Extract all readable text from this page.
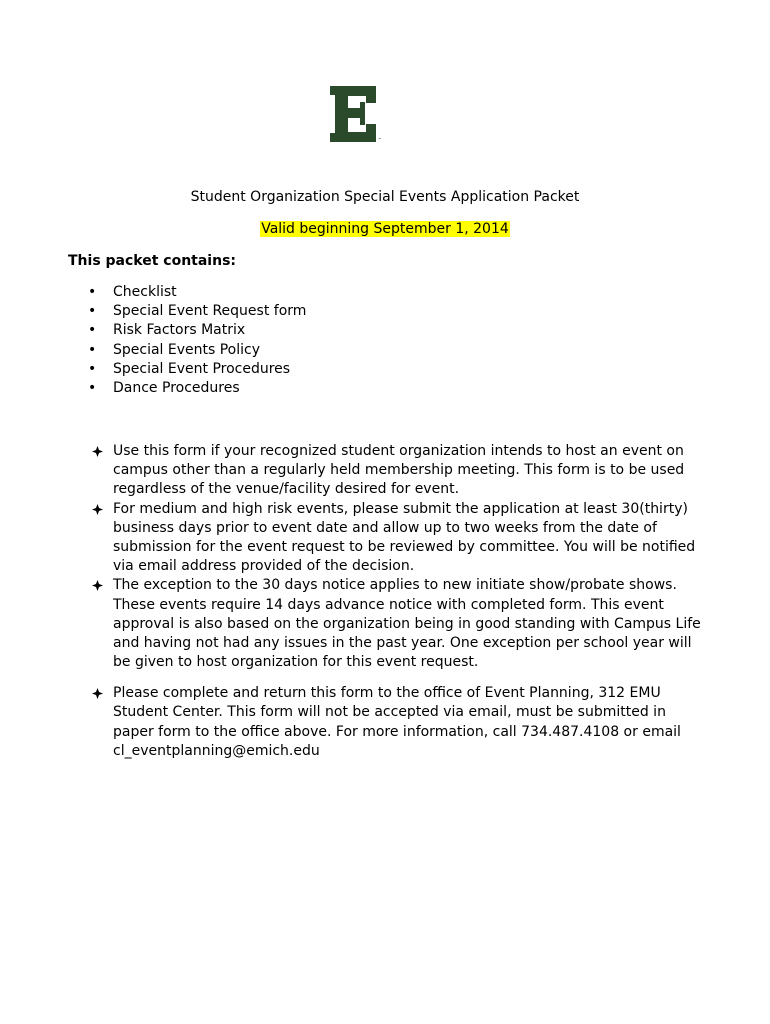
™
Student Organization Special Events Application Packet
Valid beginning September 1, 2014
This packet contains:
• Checklist
• Special Event Request form
• Risk Factors Matrix
• Special Events Policy
• Special Event Procedures
• Dance Procedures
Use this form if your recognized student organization intends to host an event on
campus other than a regularly held membership meeting. This form is to be used
regardless of the venue/facility desired for event.
For medium and high risk events, please submit the application at least 30(thirty)
business days prior to event date and allow up to two weeks from the date of
submission for the event request to be reviewed by committee. You will be notified
via email address provided of the decision.
The exception to the 30 days notice applies to new initiate show/probate shows.
These events require 14 days advance notice with completed form. This event
approval is also based on the organization being in good standing with Campus Life
and having not had any issues in the past year. One exception per school year will
be given to host organization for this event request.
Please complete and return this form to the office of Event Planning, 312 EMU
Student Center. This form will not be accepted via email, must be submitted in
paper form to the office above. For more information, call 734.487.4108 or email
cl_eventplanning@emich.edu
